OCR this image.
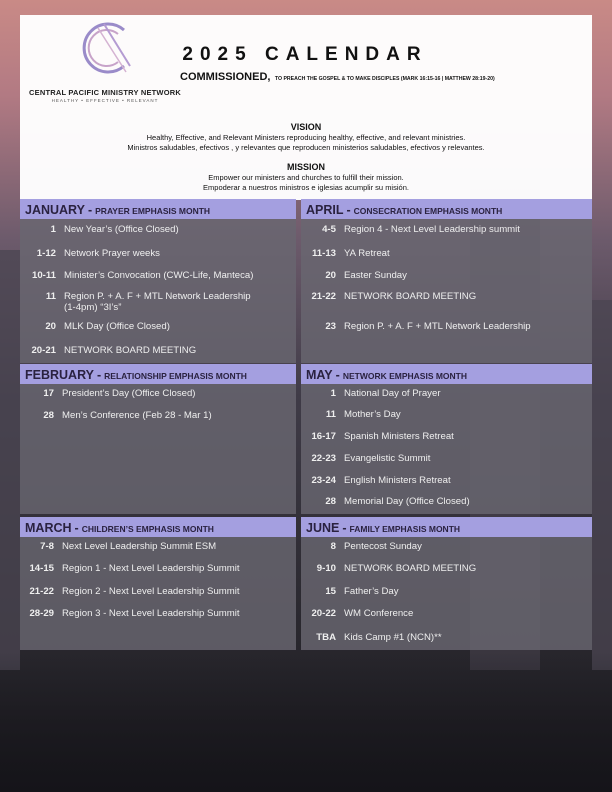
CENTRAL PACIFIC MINISTRY NETWORK
HEALTHY • EFFECTIVE • RELEVANT
2025 CALENDAR
COMMISSIONED, TO PREACH THE GOSPEL & TO MAKE DISCIPLES (MARK 16:15-16 | MATTHEW 28:19-20)
VISION
Healthy, Effective, and Relevant Ministers reproducing healthy, effective, and relevant ministries.
Ministros saludables, efectivos , y relevantes que reproducen ministerios saludables, efectivos y relevantes.
MISSION
Empower our ministers and churches to fulfill their mission.
Empoderar a nuestros ministros e iglesias acumplir su misión.
JANUARY - PRAYER EMPHASIS MONTH
1 New Year’s (Office Closed)
1-12 Network Prayer weeks
10-11 Minister’s Convocation (CWC-Life, Manteca)
11 Region P. + A. F + MTL Network Leadership
(1-4pm) “3I’s”
20 MLK Day (Office Closed)
20-21 NETWORK BOARD MEETING
APRIL - CONSECRATION EMPHASIS MONTH
4-5 Region 4 - Next Level Leadership summit
11-13 YA Retreat
20 Easter Sunday
21-22 NETWORK BOARD MEETING
23 Region P. + A. F + MTL Network Leadership
FEBRUARY - RELATIONSHIP EMPHASIS MONTH
17 President’s Day (Office Closed)
28 Men’s Conference (Feb 28 - Mar 1)
MAY - NETWORK EMPHASIS MONTH
1 National Day of Prayer
11 Mother’s Day
16-17 Spanish Ministers Retreat
22-23 Evangelistic Summit
23-24 English Ministers Retreat
28 Memorial Day (Office Closed)
MARCH - CHILDREN’S EMPHASIS MONTH
7-8 Next Level Leadership Summit ESM
14-15 Region 1 - Next Level Leadership Summit
21-22 Region 2 - Next Level Leadership Summit
28-29 Region 3 - Next Level Leadership Summit
JUNE - FAMILY EMPHASIS MONTH
8 Pentecost Sunday
9-10 NETWORK BOARD MEETING
15 Father’s Day
20-22 WM Conference
TBA Kids Camp #1 (NCN)**
